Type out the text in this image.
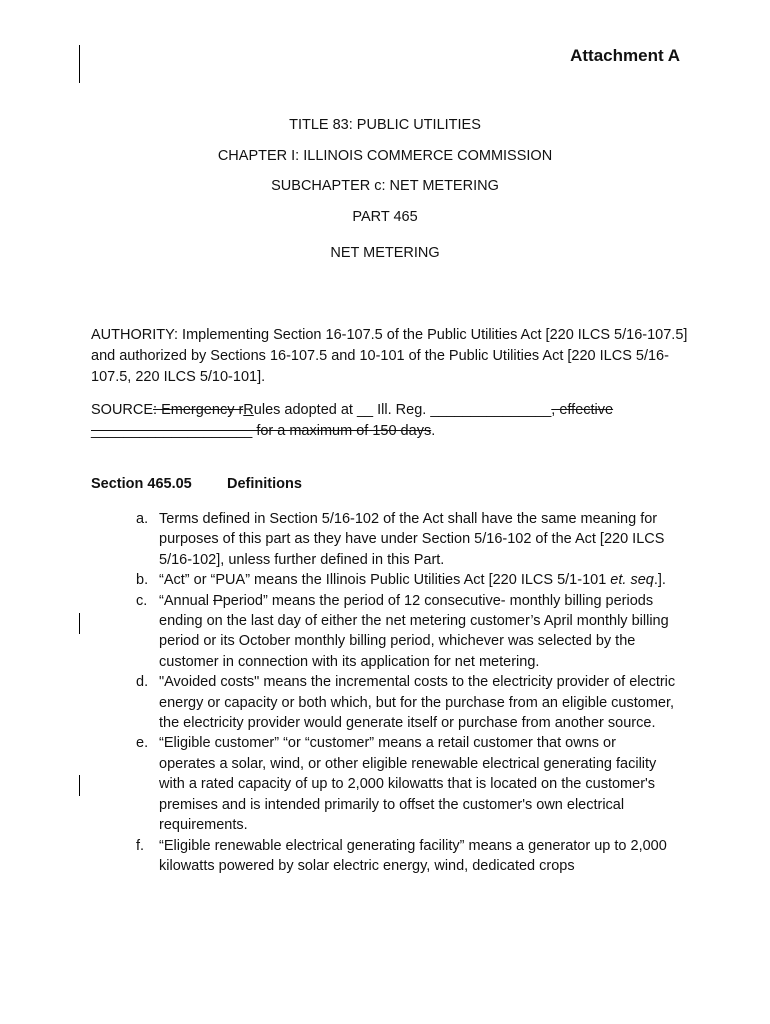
Attachment A
TITLE 83: PUBLIC UTILITIES
CHAPTER I: ILLINOIS COMMERCE COMMISSION
SUBCHAPTER c: NET METERING
PART 465
NET METERING

AUTHORITY: Implementing Section 16-107.5 of the Public Utilities Act [220 ILCS 5/16-107.5] and authorized by Sections 16-107.5 and 10-101 of the Public Utilities Act [220 ILCS 5/16-107.5, 220 ILCS 5/10-101].

SOURCE: Emergency rRules adopted at __ Ill. Reg. _______________, effective ____________________ for a maximum of 150 days.

Section 465.05 Definitions
a. Terms defined in Section 5/16-102 of the Act shall have the same meaning for purposes of this part as they have under Section 5/16-102 of the Act [220 ILCS 5/16-102], unless further defined in this Part.
b. “Act” or “PUA” means the Illinois Public Utilities Act [220 ILCS 5/1-101 et. seq.].
c. “Annual Pperiod” means the period of 12 consecutive- monthly billing periods ending on the last day of either the net metering customer’s April monthly billing period or its October monthly billing period, whichever was selected by the customer in connection with its application for net metering.
d. "Avoided costs" means the incremental costs to the electricity provider of electric energy or capacity or both which, but for the purchase from an eligible customer, the electricity provider would generate itself or purchase from another source.
e. “Eligible customer” “or “customer” means a retail customer that owns or operates a solar, wind, or other eligible renewable electrical generating facility with a rated capacity of up to 2,000 kilowatts that is located on the customer's premises and is intended primarily to offset the customer's own electrical requirements.
f. “Eligible renewable electrical generating facility” means a generator up to 2,000 kilowatts powered by solar electric energy, wind, dedicated crops
